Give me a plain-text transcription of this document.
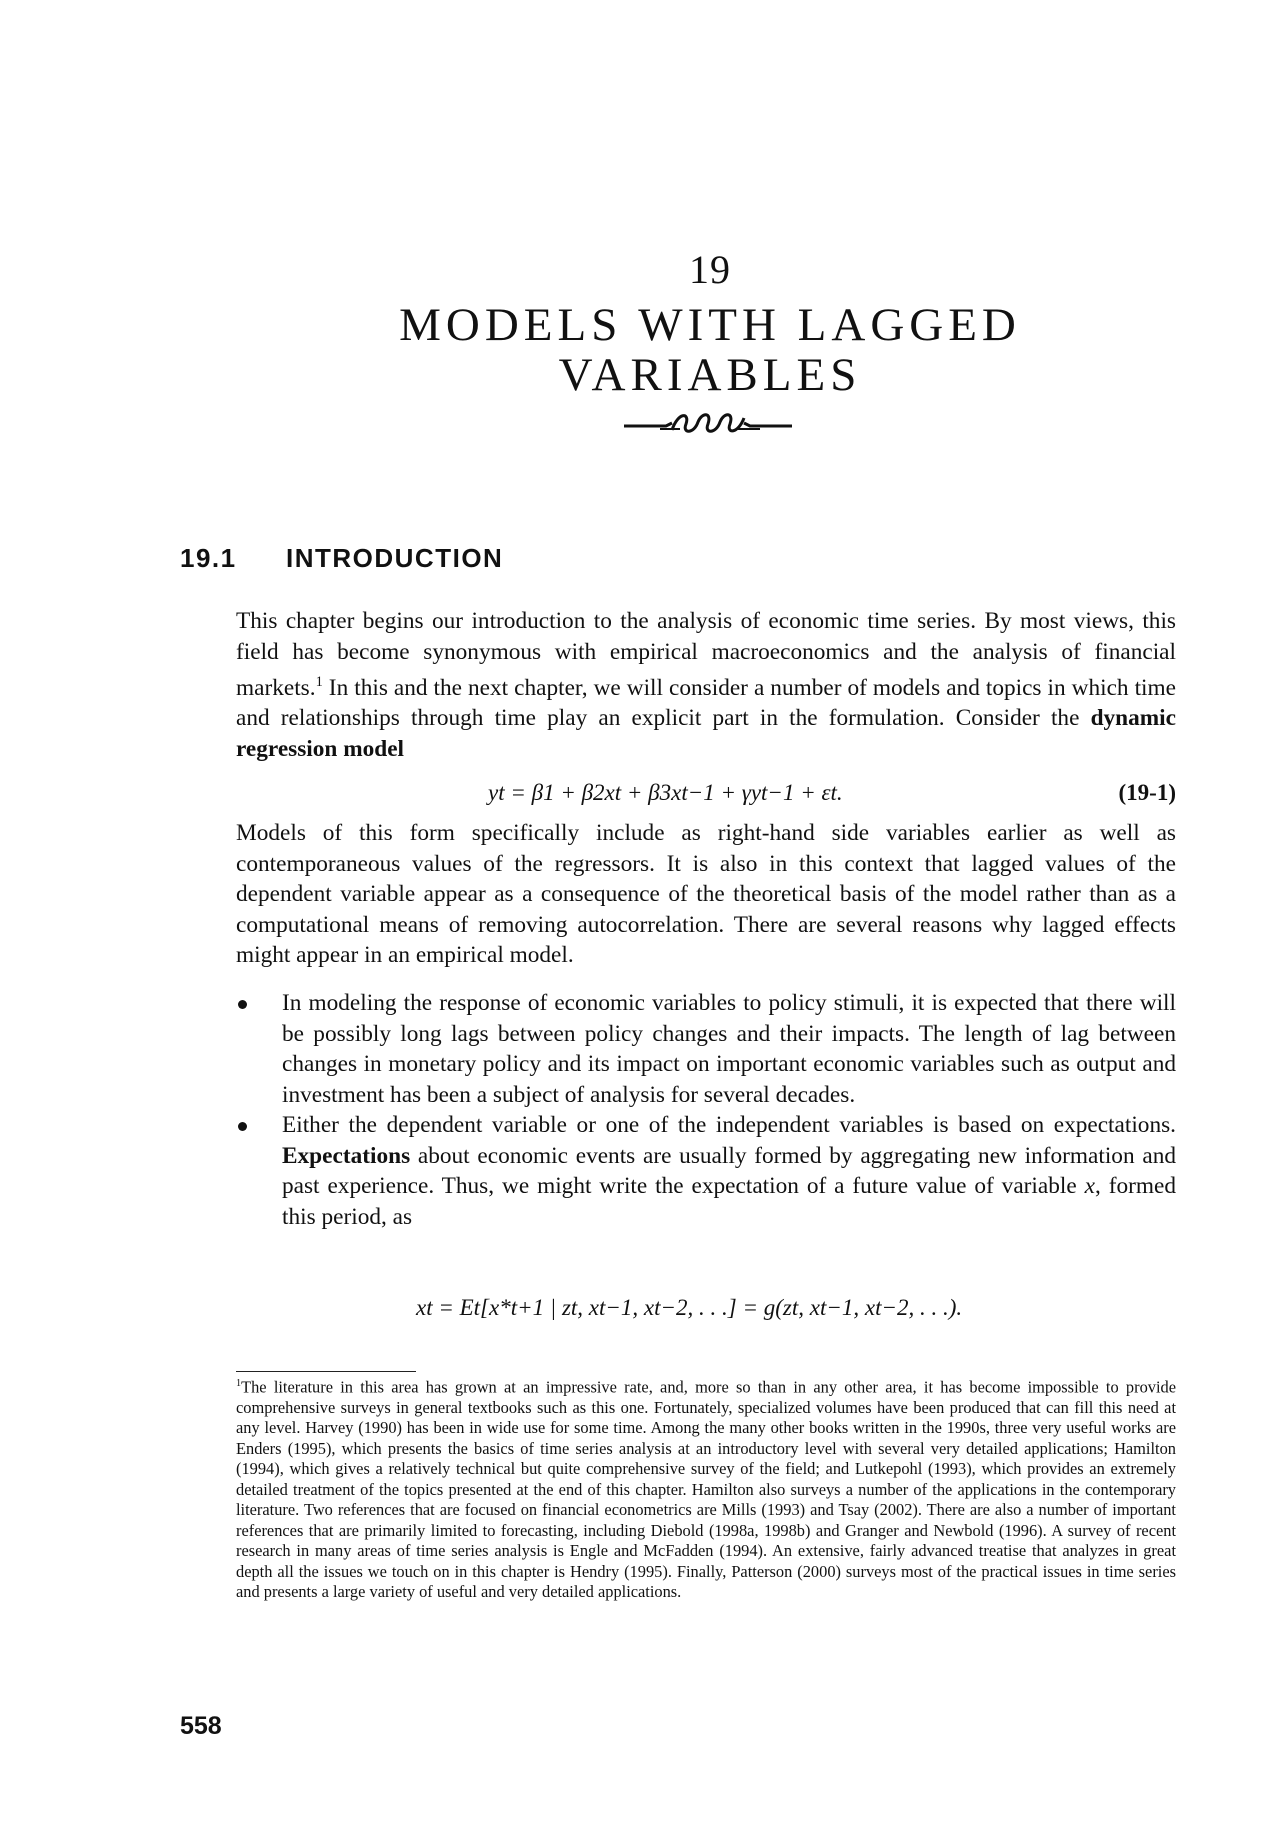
19
MODELS WITH LAGGED
VARIABLES
19.1 INTRODUCTION

This chapter begins our introduction to the analysis of economic time series. By most views, this field has become synonymous with empirical macroeconomics and the analysis of financial markets.$^1$ In this and the next chapter, we will consider a number of models and topics in which time and relationships through time play an explicit part in the formulation. Consider the dynamic regression model

yt = β1 + β2xt + β3xt−1 + γyt−1 + εt.	(19-1)

Models of this form specifically include as right-hand side variables earlier as well as contemporaneous values of the regressors. It is also in this context that lagged values of the dependent variable appear as a consequence of the theoretical basis of the model rather than as a computational means of removing autocorrelation. There are several reasons why lagged effects might appear in an empirical model.

In modeling the response of economic variables to policy stimuli, it is expected that there will be possibly long lags between policy changes and their impacts. The length of lag between changes in monetary policy and its impact on important economic variables such as output and investment has been a subject of analysis for several decades.
Either the dependent variable or one of the independent variables is based on expectations. Expectations about economic events are usually formed by aggregating new information and past experience. Thus, we might write the expectation of a future value of variable x, formed this period, as
xt = Et[x*t+1 | zt, xt−1, xt−2, . . .] = g(zt, xt−1, xt−2, . . .).
$^1$The literature in this area has grown at an impressive rate, and, more so than in any other area, it has become impossible to provide comprehensive surveys in general textbooks such as this one. Fortunately, specialized volumes have been produced that can fill this need at any level. Harvey (1990) has been in wide use for some time. Among the many other books written in the 1990s, three very useful works are Enders (1995), which presents the basics of time series analysis at an introductory level with several very detailed applications; Hamilton (1994), which gives a relatively technical but quite comprehensive survey of the field; and Lutkepohl (1993), which provides an extremely detailed treatment of the topics presented at the end of this chapter. Hamilton also surveys a number of the applications in the contemporary literature. Two references that are focused on financial econometrics are Mills (1993) and Tsay (2002). There are also a number of important references that are primarily limited to forecasting, including Diebold (1998a, 1998b) and Granger and Newbold (1996). A survey of recent research in many areas of time series analysis is Engle and McFadden (1994). An extensive, fairly advanced treatise that analyzes in great depth all the issues we touch on in this chapter is Hendry (1995). Finally, Patterson (2000) surveys most of the practical issues in time series and presents a large variety of useful and very detailed applications.
558
